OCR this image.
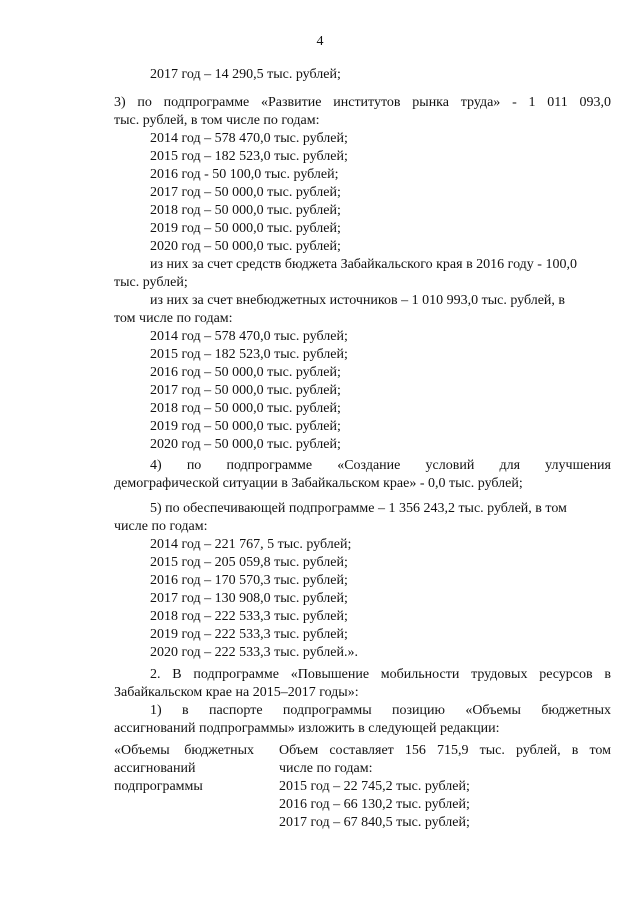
4
2017 год – 14 290,5 тыс. рублей;
3) по подпрограмме «Развитие институтов рынка труда» - 1 011 093,0
тыс. рублей, в том числе по годам:
2014 год – 578 470,0 тыс. рублей;
2015 год – 182 523,0 тыс. рублей;
2016 год - 50 100,0 тыс. рублей;
2017 год – 50 000,0 тыс. рублей;
2018 год – 50 000,0 тыс. рублей;
2019 год – 50 000,0 тыс. рублей;
2020 год – 50 000,0 тыс. рублей;
из них за счет средств бюджета Забайкальского края в 2016 году - 100,0
тыс. рублей;
из них за счет внебюджетных источников – 1 010 993,0 тыс. рублей, в
том числе по годам:
2014 год – 578 470,0 тыс. рублей;
2015 год – 182 523,0 тыс. рублей;
2016 год – 50 000,0 тыс. рублей;
2017 год – 50 000,0 тыс. рублей;
2018 год – 50 000,0 тыс. рублей;
2019 год – 50 000,0 тыс. рублей;
2020 год – 50 000,0 тыс. рублей;
4) по подпрограмме «Создание условий для улучшения
демографической ситуации в Забайкальском крае» - 0,0 тыс. рублей;
5) по обеспечивающей подпрограмме – 1 356 243,2 тыс. рублей, в том
числе по годам:
2014 год – 221 767, 5 тыс. рублей;
2015 год – 205 059,8 тыс. рублей;
2016 год – 170 570,3 тыс. рублей;
2017 год – 130 908,0 тыс. рублей;
2018 год – 222 533,3 тыс. рублей;
2019 год – 222 533,3 тыс. рублей;
2020 год – 222 533,3 тыс. рублей.».
2. В подпрограмме «Повышение мобильности трудовых ресурсов в
Забайкальском крае на 2015–2017 годы»:
1) в паспорте подпрограммы позицию «Объемы бюджетных
ассигнований подпрограммы» изложить в следующей редакции:
«Объемы бюджетных
ассигнований
подпрограммы
Объем составляет 156 715,9 тыс. рублей, в том
числе по годам:
2015 год – 22 745,2 тыс. рублей;
2016 год – 66 130,2 тыс. рублей;
2017 год – 67 840,5 тыс. рублей;
